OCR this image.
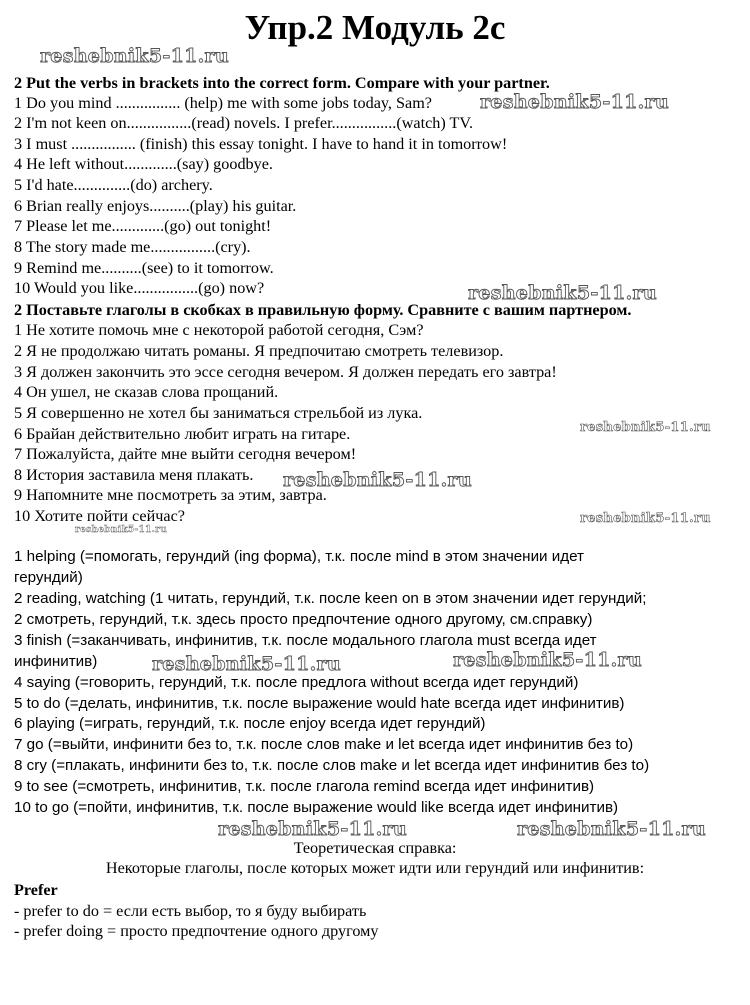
Упр.2 Модуль 2с
reshebnik5-11.ru
reshebnik5-11.ru
reshebnik5-11.ru
reshebnik5-11.ru
reshebnik5-11.ru
reshebnik5-11.ru
reshebnik5-11.ru
reshebnik5-11.ru	reshebnik5-11.ru
reshebnik5-11.ru	reshebnik5-11.ru
2 Put the verbs in brackets into the correct form. Compare with your partner.
1 Do you mind ................ (help) me with some jobs today, Sam?
2 I'm not keen on................(read) novels. I prefer................(watch) TV.
3 I must ................ (finish) this essay tonight. I have to hand it in tomorrow!
4 He left without.............(say) goodbye.
5 I'd hate..............(do) archery.
6 Brian really enjoys..........(play) his guitar.
7 Please let me.............(go) out tonight!
8 The story made me................(cry).
9 Remind me..........(see) to it tomorrow.
10 Would you like................(go) now?
2 Поставьте глаголы в скобках в правильную форму. Сравните с вашим партнером.
1 Не хотите помочь мне с некоторой работой сегодня, Сэм?
2 Я не продолжаю читать романы. Я предпочитаю смотреть телевизор.
3 Я должен закончить это эссе сегодня вечером. Я должен передать его завтра!
4 Он ушел, не сказав слова прощаний.
5 Я совершенно не хотел бы заниматься стрельбой из лука.
6 Брайан действительно любит играть на гитаре.
7 Пожалуйста, дайте мне выйти сегодня вечером!
8 История заставила меня плакать.
9 Напомните мне посмотреть за этим, завтра.
10 Хотите пойти сейчас?
1 helping (=помогать, герундий (ing форма), т.к. после mind в этом значении идет
герундий)
2 reading, watching (1 читать, герундий, т.к. после keen on в этом значении идет герундий;
2 смотреть, герундий, т.к. здесь просто предпочтение одного другому, см.справку)
3 finish (=заканчивать, инфинитив, т.к. после модального глагола must всегда идет
инфинитив)
4 saying (=говорить, герундий, т.к. после предлога without всегда идет герундий)
5 to do (=делать, инфинитив, т.к. после выражение would hate всегда идет инфинитив)
6 playing (=играть, герундий, т.к. после enjoy всегда идет герундий)
7 go (=выйти, инфинити без to, т.к. после слов make и let всегда идет инфинитив без to)
8 cry (=плакать, инфинити без to, т.к. после слов make и let всегда идет инфинитив без to)
9 to see (=смотреть, инфинитив, т.к. после глагола remind всегда идет инфинитив)
10 to go (=пойти, инфинитив, т.к. после выражение would like всегда идет инфинитив)
Теоретическая справка:
Некоторые глаголы, после которых может идти или герундий или инфинитив:
Prefer
- prefer to do = если есть выбор, то я буду выбирать
- prefer doing = просто предпочтение одного другому
